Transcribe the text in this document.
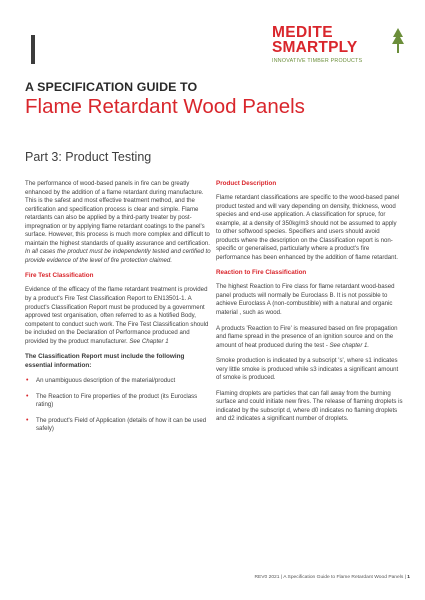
MEDITE
SMARTPLY
INNOVATIVE TIMBER PRODUCTS
A SPECIFICATION GUIDE TO
Flame Retardant Wood Panels
Part 3: Product Testing

The performance of wood-based panels in fire can be greatly enhanced by the addition of a flame retardant during manufacture. This is the safest and most effective treatment method, and the certification and specification process is clear and simple. Flame retardants can also be applied by a third-party treater by post-impregnation or by applying flame retardant coatings to the panel's surface. However, this process is much more complex and difficult to maintain the highest standards of quality assurance and certification. In all cases the product must be independently tested and certified to provide evidence of the level of fire protection claimed.

Fire Test Classification

Evidence of the efficacy of the flame retardant treatment is provided by a product's Fire Test Classification Report to EN13501-1. A product's Classification Report must be produced by a government approved test organisation, often referred to as a Notified Body, competent to conduct such work. The Fire Test Classification should be included on the Declaration of Performance produced and provided by the product manufacturer. See Chapter 1

The Classification Report must include the following essential information:
• An unambiguous description of the material/product
• The Reaction to Fire properties of the product (its Euroclass rating)
• The product's Field of Application (details of how it can be used safely)
Product Description

Flame retardant classifications are specific to the wood-based panel product tested and will vary depending on density, thickness, wood species and end-use application. A classification for spruce, for example, at a density of 350kg/m3 should not be assumed to apply to other softwood species. Specifiers and users should avoid products where the description on the Classification report is non-specific or generalised, particularly where a product's fire performance has been enhanced by the addition of flame retardant.

Reaction to Fire Classification

The highest Reaction to Fire class for flame retardant wood-based panel products will normally be Euroclass B. It is not possible to achieve Euroclass A (non-combustible) with a natural and organic material , such as wood.

A products 'Reaction to Fire' is measured based on fire propagation and flame spread in the presence of an ignition source and on the amount of heat produced during the test - See chapter 1.

Smoke production is indicated by a subscript 's', where s1 indicates very little smoke is produced while s3 indicates a significant amount of smoke is produced.

Flaming droplets are particles that can fall away from the burning surface and could initiate new fires. The release of flaming droplets is indicated by the subscript d, where d0 indicates no flaming droplets and d2 indicates a significant number of droplets.

REV0 2021 | A Specification Guide to Flame Retardant Wood Panels | 1
